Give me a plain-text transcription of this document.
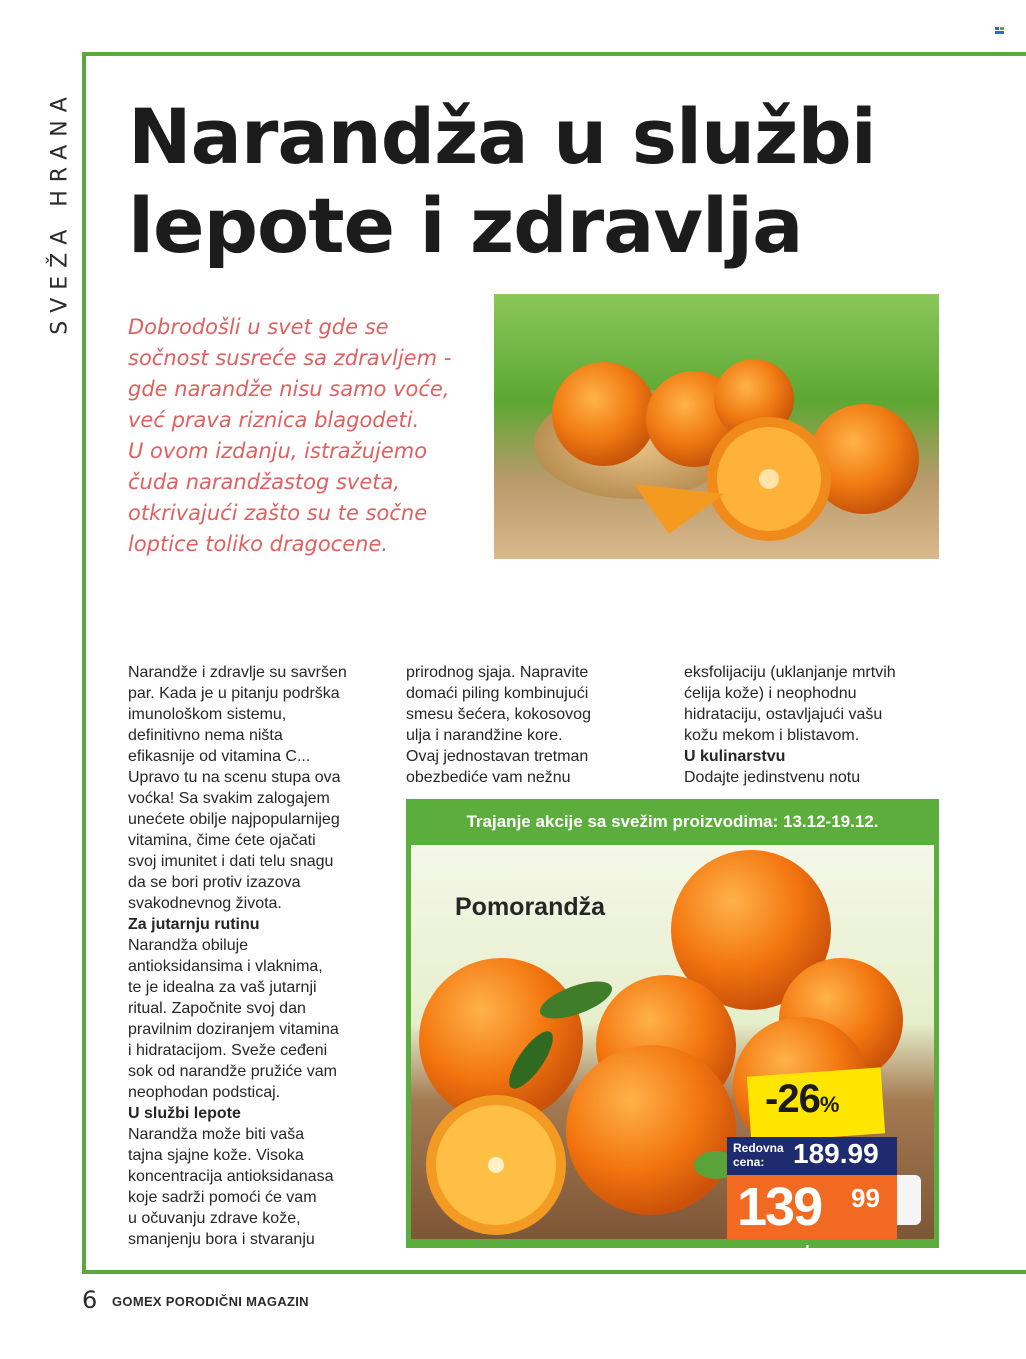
SVEŽA HRANA Narandža u službi
lepote i zdravlja
Dobrodošli u svet gde se
sočnost susreće sa zdravljem -
gde narandže nisu samo voće,
već prava riznica blagodeti.
U ovom izdanju, istražujemo
čuda narandžastog sveta,
otkrivajući zašto su te sočne
loptice toliko dragocene.

Narandže i zdravlje su savršen

par. Kada je u pitanju podrška

imunološkom sistemu,

definitivno nema ništa

efikasnije od vitamina C...

Upravo tu na scenu stupa ova

voćka! Sa svakim zalogajem

unećete obilje najpopularnijeg

vitamina, čime ćete ojačati

svoj imunitet i dati telu snagu

da se bori protiv izazova

svakodnevnog života.

Za jutarnju rutinu

Narandža obiluje

antioksidansima i vlaknima,

te je idealna za vaš jutarnji

ritual. Započnite svoj dan

pravilnim doziranjem vitamina

i hidratacijom. Sveže ceđeni

sok od narandže pružiće vam

neophodan podsticaj.

U službi lepote

Narandža može biti vaša

tajna sjajne kože. Visoka

koncentracija antioksidanasa

koje sadrži pomoći će vam

u očuvanju zdrave kože,

smanjenju bora i stvaranju

prirodnog sjaja. Napravite

domaći piling kombinujući

smesu šećera, kokosovog

ulja i narandžine kore.

Ovaj jednostavan tretman

obezbediće vam nežnu

eksfolijaciju (uklanjanje mrtvih

ćelija kože) i neophodnu

hidrataciju, ostavljajući vašu

kožu mekom i blistavom.

U kulinarstvu

Dodajte jedinstvenu notu

Trajanje akcije sa svežim proizvodima: 13.12-19.12.
Pomorandža
-26%
Redovna cena:	189.99
139 99
cena za kg
6 GOMEX PORODIČNI MAGAZIN
